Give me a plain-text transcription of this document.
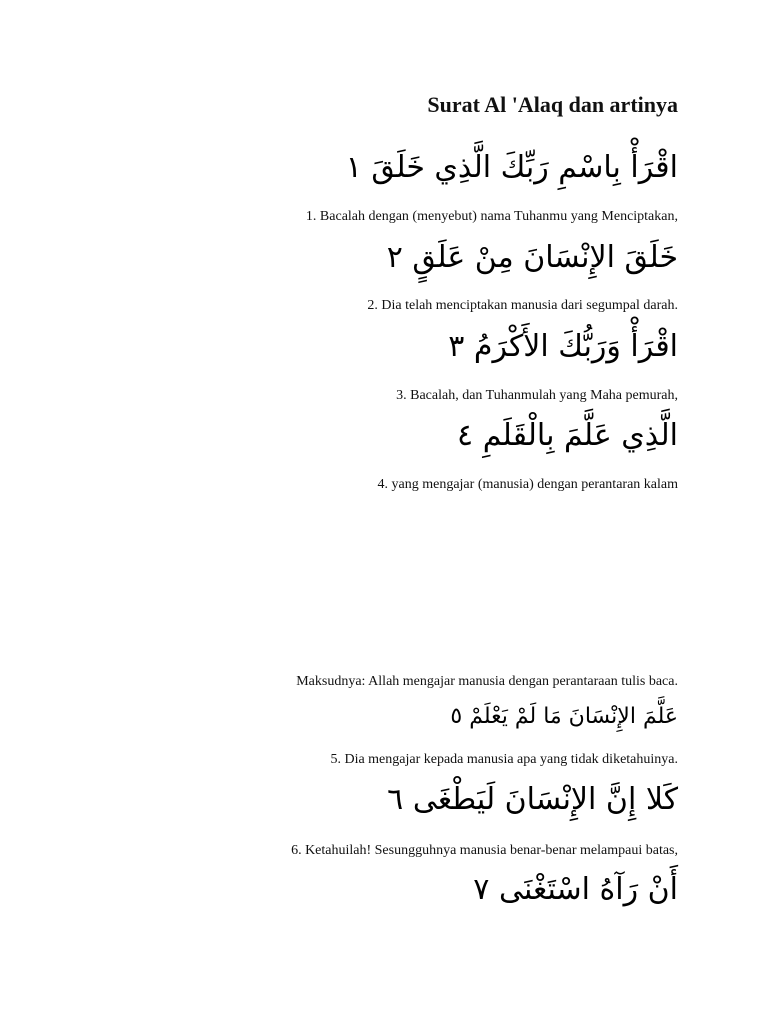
Surat Al 'Alaq dan artinya
اقْرَأْ بِاسْمِ رَبِّكَ الَّذِي خَلَقَ ١
1. Bacalah dengan (menyebut) nama Tuhanmu yang Menciptakan,
خَلَقَ الإِنْسَانَ مِنْ عَلَقٍ ٢
2. Dia telah menciptakan manusia dari segumpal darah.
اقْرَأْ وَرَبُّكَ الأَكْرَمُ ٣
3. Bacalah, dan Tuhanmulah yang Maha pemurah,
الَّذِي عَلَّمَ بِالْقَلَمِ ٤
4. yang mengajar (manusia) dengan perantaran kalam
Maksudnya: Allah mengajar manusia dengan perantaraan tulis baca.
عَلَّمَ الإِنْسَانَ مَا لَمْ يَعْلَمْ ٥
5. Dia mengajar kepada manusia apa yang tidak diketahuinya.
كَلا إِنَّ الإِنْسَانَ لَيَطْغَى ٦
6. Ketahuilah! Sesungguhnya manusia benar-benar melampaui batas,
أَنْ رَآهُ اسْتَغْنَى ٧
